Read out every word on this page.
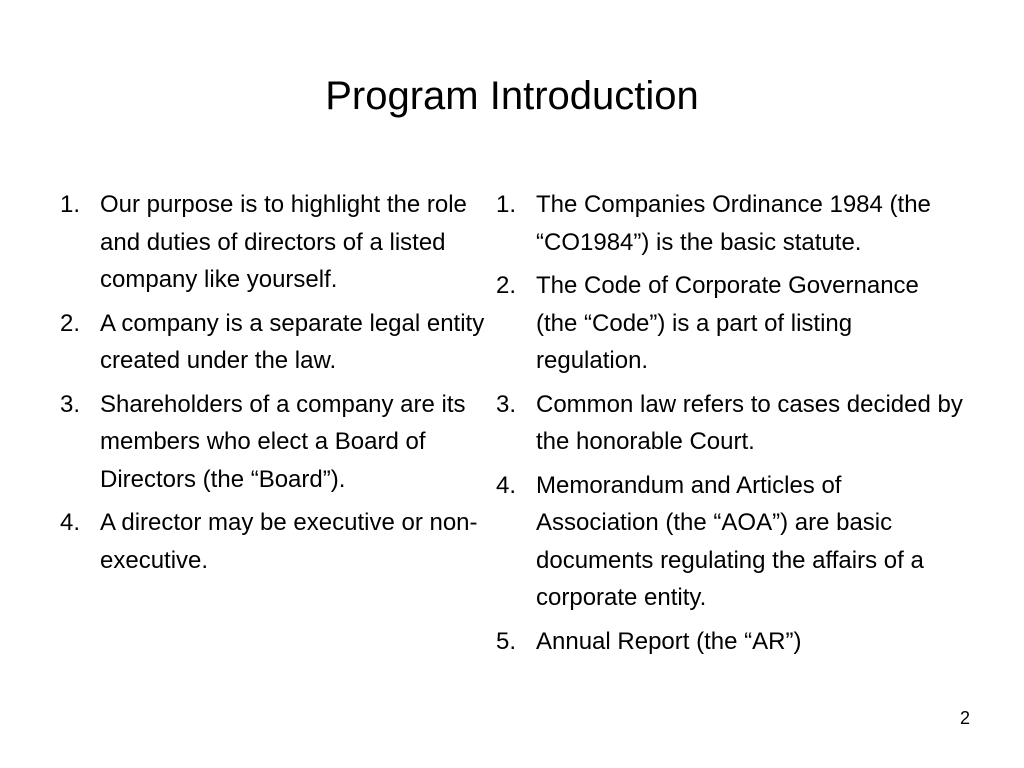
Program Introduction
1. Our purpose is to highlight the role and duties of directors of a listed company like yourself.
2. A company is a separate legal entity created under the law.
3. Shareholders of a company are its members who elect a Board of Directors (the “Board”).
4. A director may be executive or non-executive.
1. The Companies Ordinance 1984 (the “CO1984”) is the basic statute.
2. The Code of Corporate Governance (the “Code”) is a part of listing regulation.
3. Common law refers to cases decided by the honorable Court.
4. Memorandum and Articles of Association (the “AOA”) are basic documents regulating the affairs of a corporate entity.
5. Annual Report (the “AR”)
2
